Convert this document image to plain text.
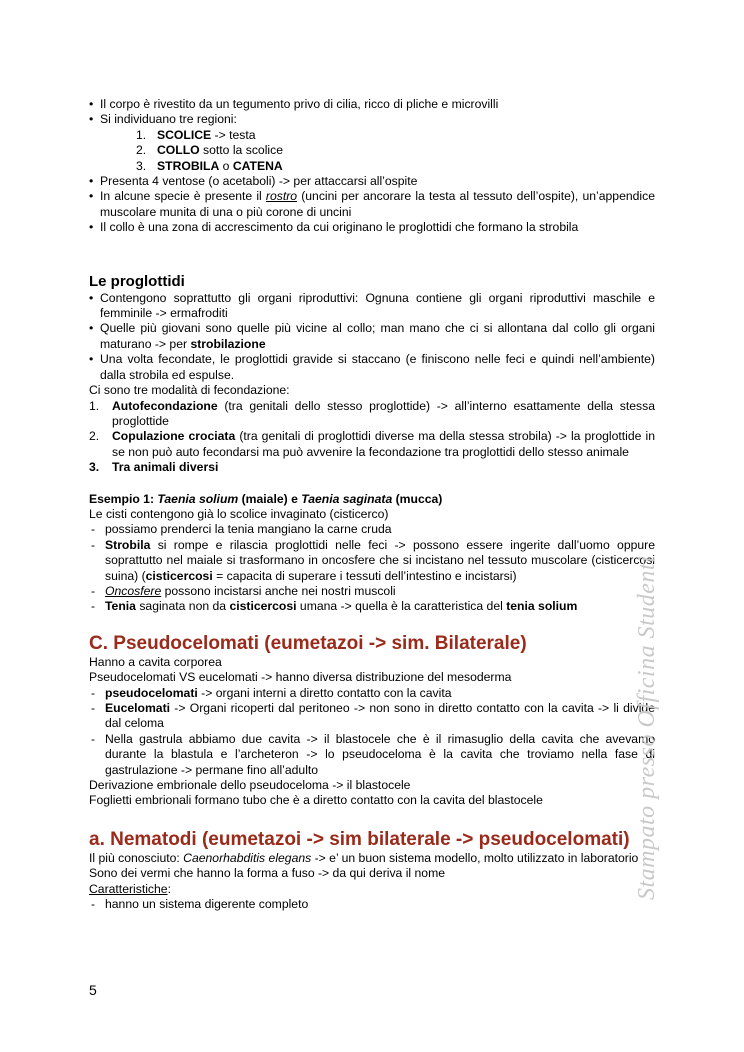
• Il corpo è rivestito da un tegumento privo di cilia, ricco di pliche e microvilli
• Si individuano tre regioni:
1. SCOLICE -> testa
2. COLLO sotto la scolice
3. STROBILA o CATENA
• Presenta 4 ventose (o acetaboli) -> per attaccarsi all’ospite
• In alcune specie è presente il rostro (uncini per ancorare la testa al tessuto dell’ospite), un’appendice muscolare munita di una o più corone di uncini
• Il collo è una zona di accrescimento da cui originano le proglottidi che formano la strobila
Le proglottidi
• Contengono soprattutto gli organi riproduttivi: Ognuna contiene gli organi riproduttivi maschile e femminile -> ermafroditi
• Quelle più giovani sono quelle più vicine al collo; man mano che ci si allontana dal collo gli organi maturano -> per strobilazione
• Una volta fecondate, le proglottidi gravide si staccano (e finiscono nelle feci e quindi nell’ambiente) dalla strobila ed espulse.
Ci sono tre modalità di fecondazione:
1. Autofecondazione (tra genitali dello stesso proglottide) -> all’interno esattamente della stessa proglottide
2. Copulazione crociata (tra genitali di proglottidi diverse ma della stessa strobila) -> la proglottide in se non può auto fecondarsi ma può avvenire la fecondazione tra proglottidi dello stesso animale
3. Tra animali diversi
Esempio 1: Taenia solium (maiale) e Taenia saginata (mucca)
Le cisti contengono già lo scolice invaginato (cisticerco)
- possiamo prenderci la tenia mangiano la carne cruda
- Strobila si rompe e rilascia proglottidi nelle feci -> possono essere ingerite dall’uomo oppure soprattutto nel maiale si trasformano in oncosfere che si incistano nel tessuto muscolare (cisticercosi suina) (cisticercosi = capacita di superare i tessuti dell’intestino e incistarsi)
- Oncosfere possono incistarsi anche nei nostri muscoli
- Tenia saginata non da cisticercosi umana -> quella è la caratteristica del tenia solium
C. Pseudocelomati (eumetazoi -> sim. Bilaterale)
Hanno a cavita corporea
Pseudocelomati VS eucelomati -> hanno diversa distribuzione del mesoderma
- pseudocelomati -> organi interni a diretto contatto con la cavita
- Eucelomati -> Organi ricoperti dal peritoneo -> non sono in diretto contatto con la cavita -> li divide dal celoma
- Nella gastrula abbiamo due cavita -> il blastocele che è il rimasuglio della cavita che avevamo durante la blastula e l’archeteron -> lo pseudoceloma è la cavita che troviamo nella fase di gastrulazione -> permane fino all’adulto
Derivazione embrionale dello pseudoceloma -> il blastocele
Foglietti embrionali formano tubo che è a diretto contatto con la cavita del blastocele
a. Nematodi (eumetazoi -> sim bilaterale -> pseudocelomati)
Il più conosciuto: Caenorhabditis elegans -> e’ un buon sistema modello, molto utilizzato in laboratorio
Sono dei vermi che hanno la forma a fuso -> da qui deriva il nome
Caratteristiche:
- hanno un sistema digerente completo
Stampato presso Officina Studenti
5
